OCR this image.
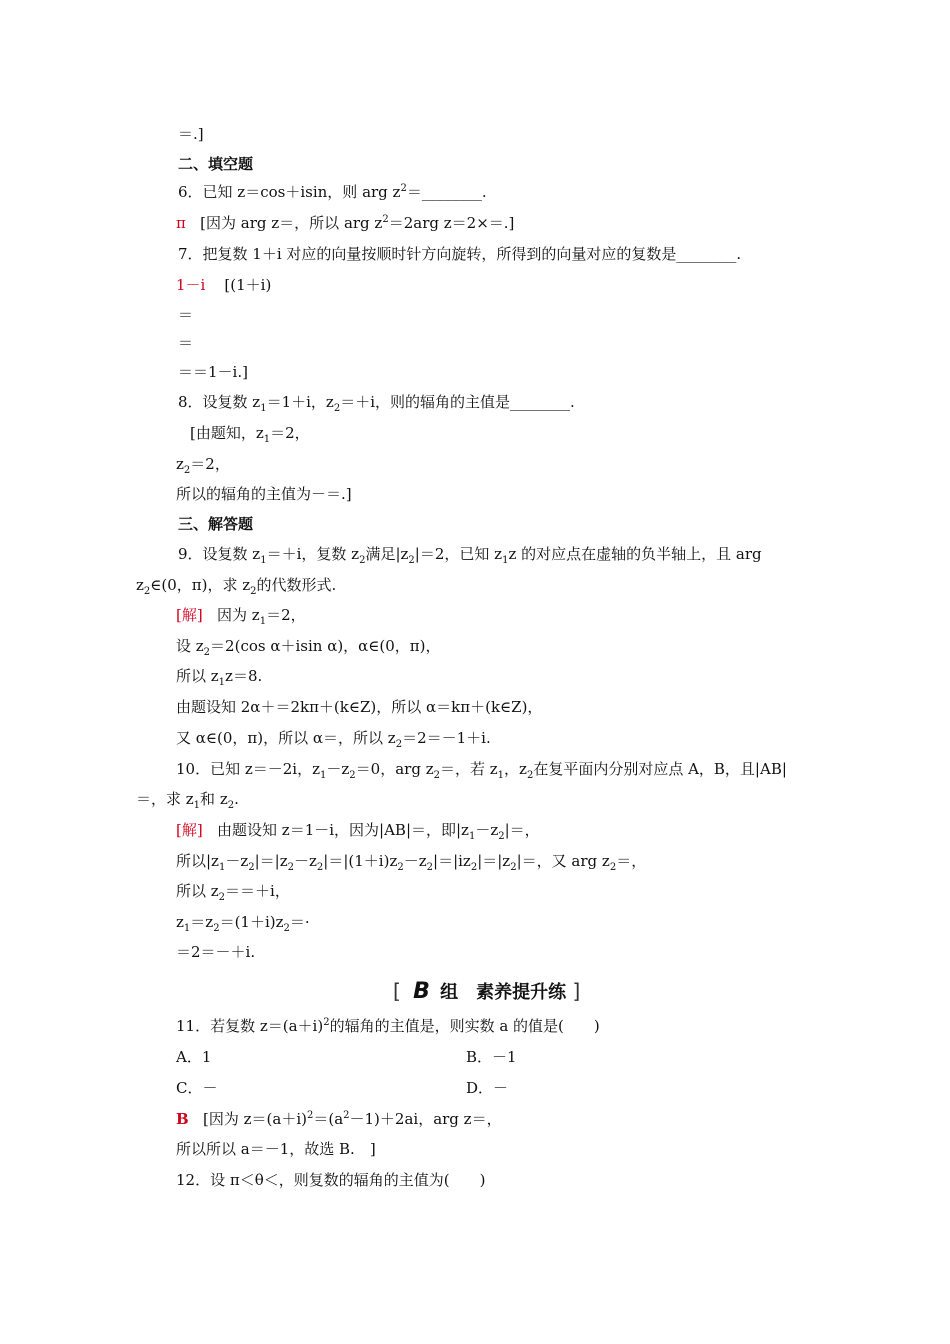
＝.]
二、填空题
6．已知 z＝cos＋isin，则 arg $z^2=\_\_\_\_\_\_\_\_$.
π [因为 arg z＝，所以 arg $z^2=2arg$ z＝2×＝.]
7．把复数 1＋i 对应的向量按顺时针方向旋转，所得到的向量对应的复数是________.
1－i [(1＋i)
＝
＝
＝＝1－i.]
8．设复数 $z_1=1+i$，$z_2=+i$，则的辐角的主值是________.
[由题知，$z_1=2$，
$z_2=2$，
所以的辐角的主值为－＝.]
三、解答题
9．设复数 $z_1=+i$，复数 $z_2$满足$|z_2|=2$，已知 $z_1z$ 的对应点在虚轴的负半轴上，且 arg
$z_2\in(0$，π)，求 $z_2$的代数形式.
[解] 因为 $z_1=2$，
设 $z_2=2(\cos$ α＋isin α)，α∈(0，π)，
所以 $z_1z=8$.
由题设知 2α＋＝2kπ＋(k∈Z)，所以 α＝kπ＋(k∈Z)，
又 α∈(0，π)，所以 α＝，所以 $z_2=2=-1+i$.
10．已知 z＝－2i，$z_1-z_2=0$，arg $z_2=$，若 $z_1$，$z_2$在复平面内分别对应点 A，B，且|AB|
＝，求 $z_1$和 $z_2$.
[解] 由题设知 z＝1－i，因为|AB|＝，即$|z_1-z_2|=$，
所以$|z_1-z_2|=|z_2-z_2|=|(1+i)z_2-z_2|=|iz_2|=|z_2|=$，又 arg $z_2=$，
所以 $z_2==+i$，
$z_1=z_2=(1+i)z_2=\cdot$
＝2＝－＋i.
[ B 组　素养提升练 ]
11．若复数 $z=(a+i)^2$的辐角的主值是，则实数 a 的值是(　　)
A．1	B．－1
C．－	D．－
B [因为 $z=(a+i)^2=(a^2-1)+2ai$，arg z＝，
所以所以 a＝－1，故选 B.　]
12．设 π＜θ＜，则复数的辐角的主值为(　　)
